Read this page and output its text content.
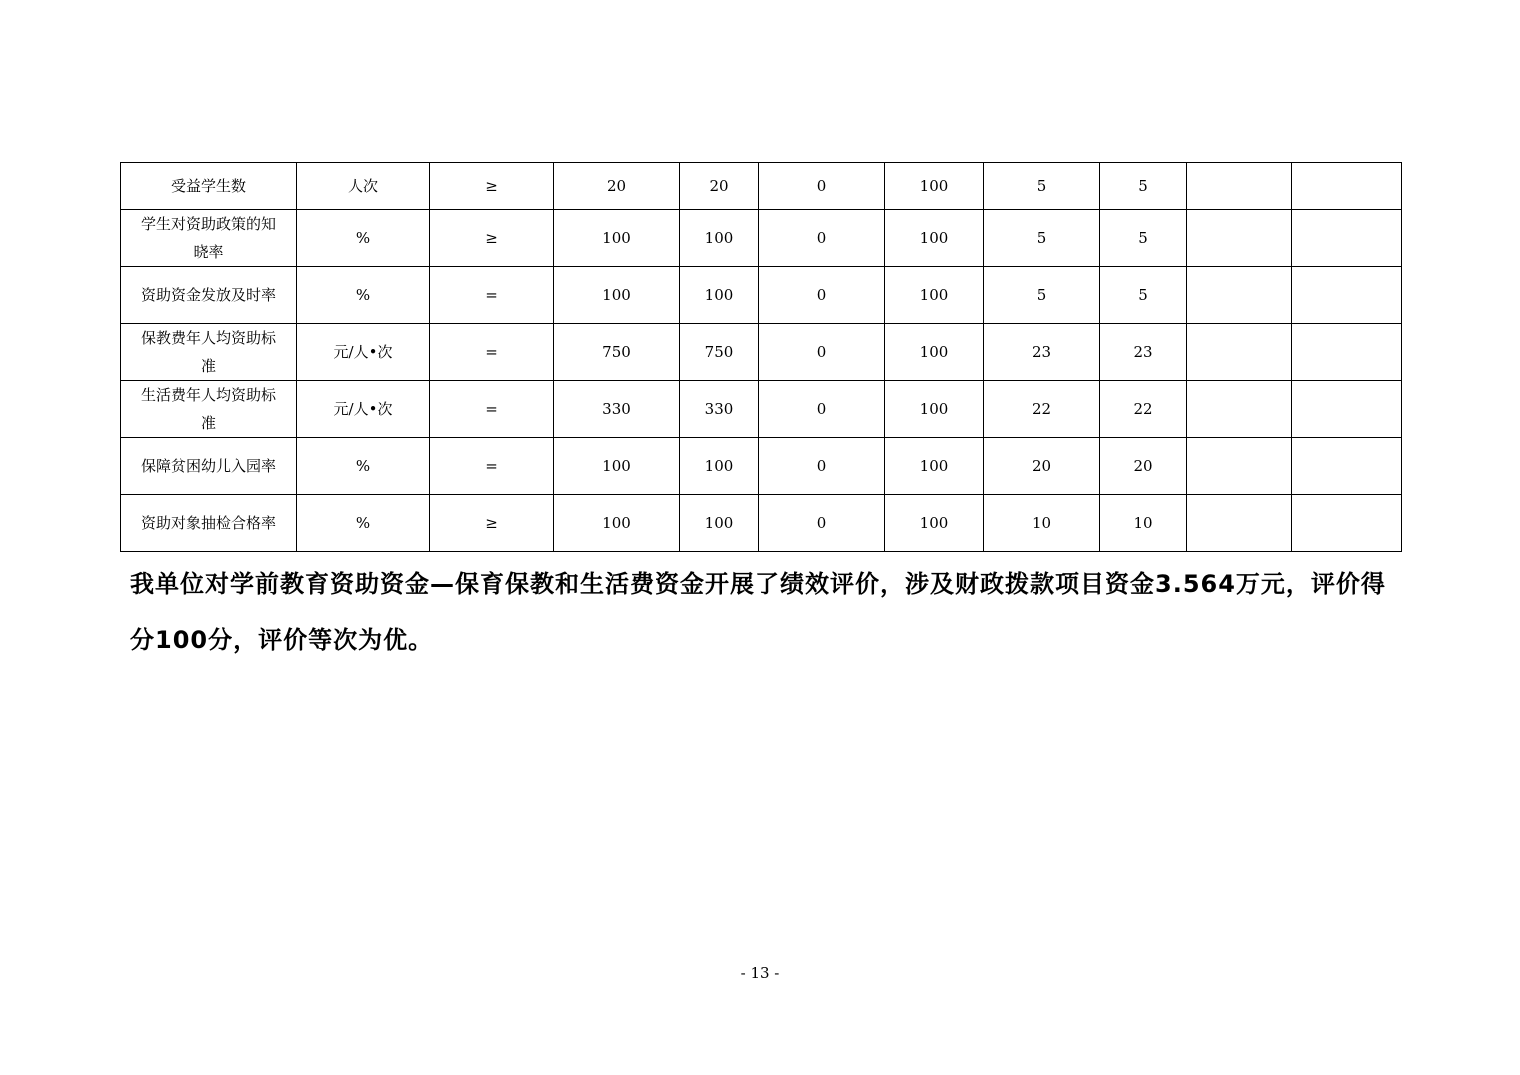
受益学生数	人次	≥	20	20	0	100	5	5		
学生对资助政策的知晓率	%	≥	100	100	0	100	5	5		
资助资金发放及时率	%	=	100	100	0	100	5	5		
保教费年人均资助标准	元/人•次	=	750	750	0	100	23	23		
生活费年人均资助标准	元/人•次	=	330	330	0	100	22	22		
保障贫困幼儿入园率	%	=	100	100	0	100	20	20		
资助对象抽检合格率	%	≥	100	100	0	100	10	10		

我单位对学前教育资助资金—保育保教和生活费资金开展了绩效评价，涉及财政拨款项目资金3.564万元，评价得分100分，评价等次为优。

- 13 -
